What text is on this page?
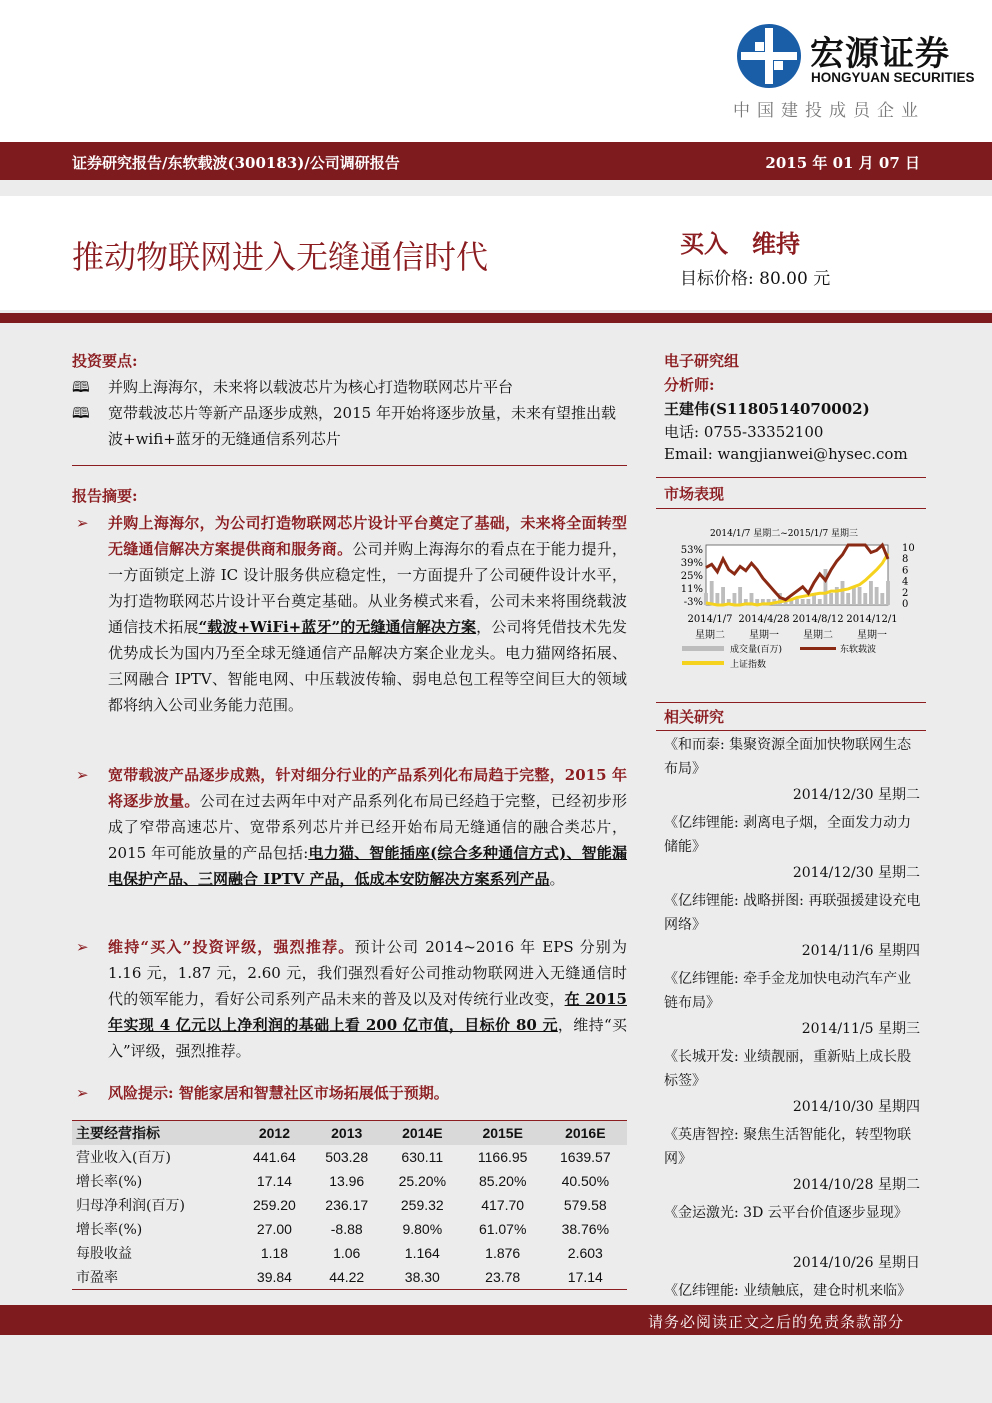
宏源证券
HONGYUAN SECURITIES
中国建投成员企业
证券研究报告/东软载波(300183)/公司调研报告	2015 年 01 月 07 日
推动物联网进入无缝通信时代	买入 维持
目标价格: 80.00 元
投资要点:
🕮 并购上海海尔，未来将以载波芯片为核心打造物联网芯片平台
🕮 宽带载波芯片等新产品逐步成熟，2015 年开始将逐步放量，未来有望推出载波+wifi+蓝牙的无缝通信系列芯片
报告摘要:
➢ 并购上海海尔，为公司打造物联网芯片设计平台奠定了基础，未来将全面转型无缝通信解决方案提供商和服务商。公司并购上海海尔的看点在于能力提升，一方面锁定上游 IC 设计服务供应稳定性，一方面提升了公司硬件设计水平，为打造物联网芯片设计平台奠定基础。从业务模式来看，公司未来将围绕载波通信技术拓展“载波+WiFi+蓝牙”的无缝通信解决方案，公司将凭借技术先发优势成长为国内乃至全球无缝通信产品解决方案企业龙头。电力猫网络拓展、三网融合 IPTV、智能电网、中压载波传输、弱电总包工程等空间巨大的领域都将纳入公司业务能力范围。
➢ 宽带载波产品逐步成熟，针对细分行业的产品系列化布局趋于完整，2015 年将逐步放量。公司在过去两年中对产品系列化布局已经趋于完整，已经初步形成了窄带高速芯片、宽带系列芯片并已经开始布局无缝通信的融合类芯片，2015 年可能放量的产品包括:电力猫、智能插座(综合多种通信方式)、智能漏电保护产品、三网融合 IPTV 产品，低成本安防解决方案系列产品。
➢ 维持“买入”投资评级，强烈推荐。预计公司 2014~2016 年 EPS 分别为 1.16 元，1.87 元，2.60 元，我们强烈看好公司推动物联网进入无缝通信时代的领军能力，看好公司系列产品未来的普及以及对传统行业改变，在 2015 年实现 4 亿元以上净利润的基础上看 200 亿市值，目标价 80 元，维持“买入”评级，强烈推荐。
➢ 风险提示: 智能家居和智慧社区市场拓展低于预期。
主要经营指标	2012	2013	2014E	2015E	2016E
营业收入(百万)	441.64	503.28	630.11	1166.95	1639.57
增长率(%)	17.14	13.96	25.20%	85.20%	40.50%
归母净利润(百万)	259.20	236.17	259.32	417.70	579.58
增长率(%)	27.00	-8.88	9.80%	61.07%	38.76%
每股收益	1.18	1.06	1.164	1.876	2.603
市盈率	39.84	44.22	38.30	23.78	17.14
电子研究组
分析师:
王建伟(S1180514070002)
电话: 0755-33352100
Email: wangjianwei@hysec.com
市场表现
2014/1/7 星期二~2015/1/7 星期三
53%
39%
25%
11%
-3%
10
8
6
4
2
0
2014/1/7
星期二
2014/4/28
星期一
2014/8/12
星期二
2014/12/1
星期一
成交量(百万)	东软载波
上证指数
相关研究
《和而泰: 集聚资源全面加快物联网生态布局》
2014/12/30 星期二
《亿纬锂能: 剥离电子烟，全面发力动力储能》
2014/12/30 星期二
《亿纬锂能: 战略拼图: 再联强援建设充电网络》
2014/11/6 星期四
《亿纬锂能: 牵手金龙加快电动汽车产业链布局》
2014/11/5 星期三
《长城开发: 业绩靓丽，重新贴上成长股标签》
2014/10/30 星期四
《英唐智控: 聚焦生活智能化，转型物联网》
2014/10/28 星期二
《金运激光: 3D 云平台价值逐步显现》
2014/10/26 星期日
《亿纬锂能: 业绩触底，建仓时机来临》
请务必阅读正文之后的免责条款部分
